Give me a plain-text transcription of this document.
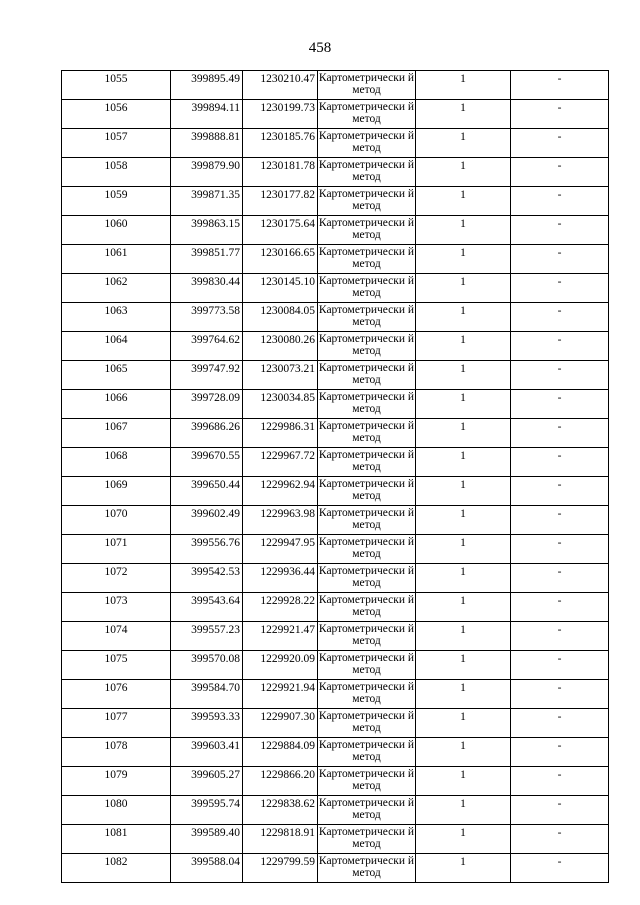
458
1055	399895.49	1230210.47	Картометрически й метод	1	-
1056	399894.11	1230199.73	Картометрически й метод	1	-
1057	399888.81	1230185.76	Картометрически й метод	1	-
1058	399879.90	1230181.78	Картометрически й метод	1	-
1059	399871.35	1230177.82	Картометрически й метод	1	-
1060	399863.15	1230175.64	Картометрически й метод	1	-
1061	399851.77	1230166.65	Картометрически й метод	1	-
1062	399830.44	1230145.10	Картометрически й метод	1	-
1063	399773.58	1230084.05	Картометрически й метод	1	-
1064	399764.62	1230080.26	Картометрически й метод	1	-
1065	399747.92	1230073.21	Картометрически й метод	1	-
1066	399728.09	1230034.85	Картометрически й метод	1	-
1067	399686.26	1229986.31	Картометрически й метод	1	-
1068	399670.55	1229967.72	Картометрически й метод	1	-
1069	399650.44	1229962.94	Картометрически й метод	1	-
1070	399602.49	1229963.98	Картометрически й метод	1	-
1071	399556.76	1229947.95	Картометрически й метод	1	-
1072	399542.53	1229936.44	Картометрически й метод	1	-
1073	399543.64	1229928.22	Картометрически й метод	1	-
1074	399557.23	1229921.47	Картометрически й метод	1	-
1075	399570.08	1229920.09	Картометрически й метод	1	-
1076	399584.70	1229921.94	Картометрически й метод	1	-
1077	399593.33	1229907.30	Картометрически й метод	1	-
1078	399603.41	1229884.09	Картометрически й метод	1	-
1079	399605.27	1229866.20	Картометрически й метод	1	-
1080	399595.74	1229838.62	Картометрически й метод	1	-
1081	399589.40	1229818.91	Картометрически й метод	1	-
1082	399588.04	1229799.59	Картометрически й метод	1	-
